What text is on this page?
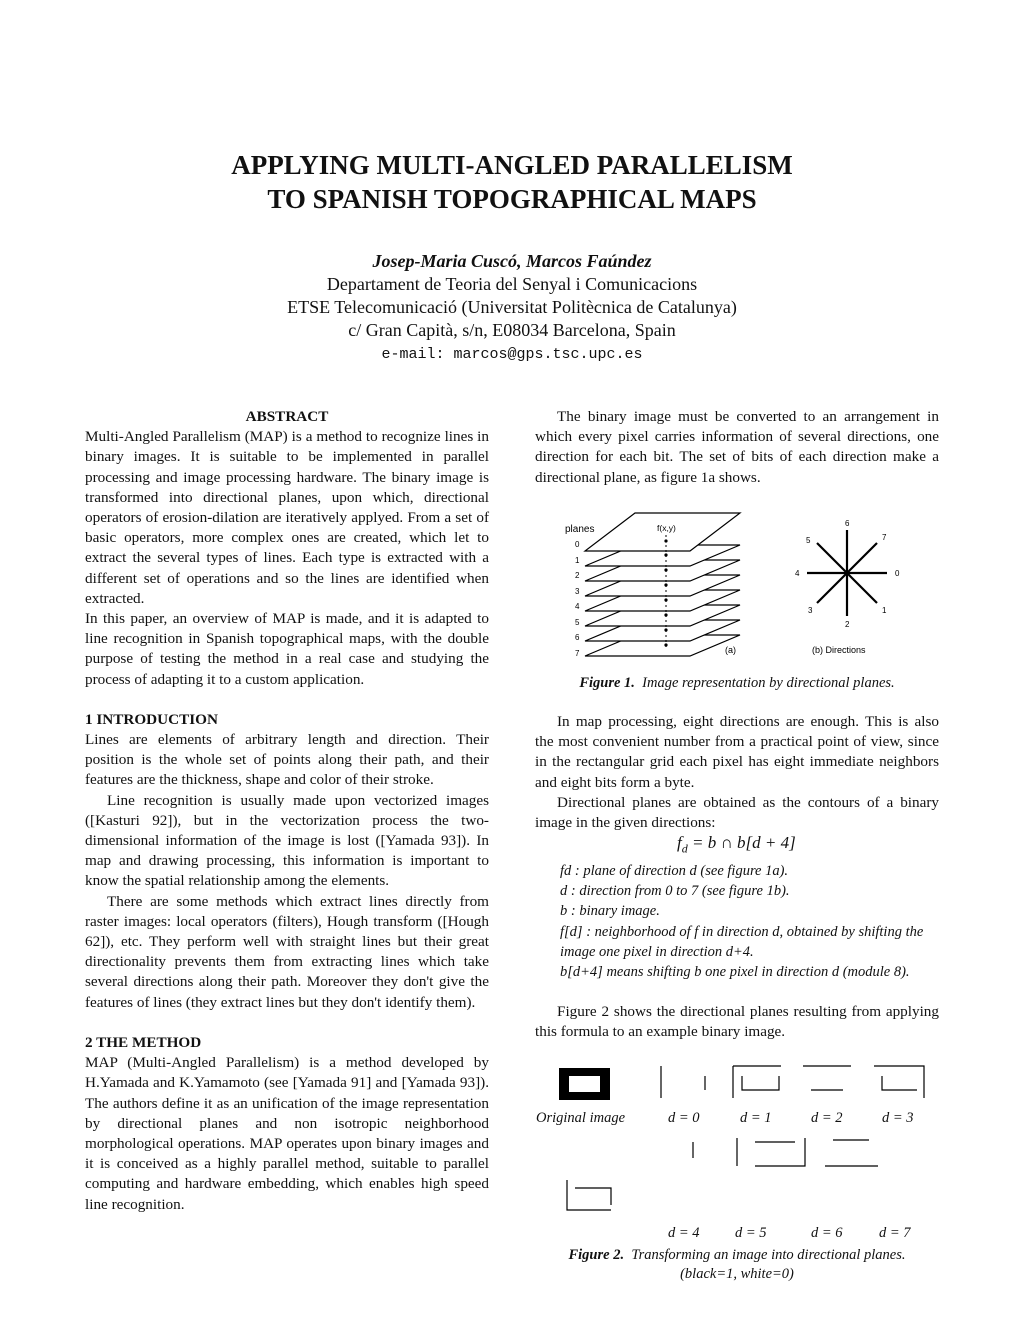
APPLYING MULTI-ANGLED PARALLELISM
TO SPANISH TOPOGRAPHICAL MAPS
Josep-Maria Cuscó, Marcos Faúndez
Departament de Teoria del Senyal i Comunicacions
ETSE Telecomunicació (Universitat Politècnica de Catalunya)
c/ Gran Capità, s/n, E08034 Barcelona, Spain
e-mail: marcos@gps.tsc.upc.es

ABSTRACT

Multi-Angled Parallelism (MAP) is a method to recognize lines in binary images. It is suitable to be implemented in parallel processing and image processing hardware. The binary image is transformed into directional planes, upon which, directional operators of erosion-dilation are iteratively applyed. From a set of basic operators, more complex ones are created, which let to extract the several types of lines. Each type is extracted with a different set of operations and so the lines are identified when extracted.

In this paper, an overview of MAP is made, and it is adapted to line recognition in Spanish topographical maps, with the double purpose of testing the method in a real case and studying the process of adapting it to a custom application.

1 INTRODUCTION

Lines are elements of arbitrary length and direction. Their position is the whole set of points along their path, and their features are the thickness, shape and color of their stroke.

Line recognition is usually made upon vectorized images ([Kasturi 92]), but in the vectorization process the two-dimensional information of the image is lost ([Yamada 93]). In map and drawing processing, this information is important to know the spatial relationship among the elements.

There are some methods which extract lines directly from raster images: local operators (filters), Hough transform ([Hough 62]), etc. They perform well with straight lines but their great directionality prevents them from extracting lines which take several directions along their path. Moreover they don't give the features of lines (they extract lines but they don't identify them).

2 THE METHOD

MAP (Multi-Angled Parallelism) is a method developed by H.Yamada and K.Yamamoto (see [Yamada 91] and [Yamada 93]). The authors define it as an unification of the image representation by directional planes and non isotropic neighborhood morphological operations. MAP operates upon binary images and it is conceived as a highly parallel method, suitable to parallel computing and hardware embedding, which enables high speed line recognition.

The binary image must be converted to an arrangement in which every pixel carries information of several directions, one direction for each bit. The set of bits of each direction make a directional plane, as figure 1a shows.

planes	f(x,y)
0
1
2
3
4
5
6
7	(a)
0
1
2
3
4
5
6
7
(b) Directions
Figure 1. Image representation by directional planes.

In map processing, eight directions are enough. This is also the most convenient number from a practical point of view, since in the rectangular grid each pixel has eight immediate neighbors and eight bits form a byte.

Directional planes are obtained as the contours of a binary image in the given directions:

$f_d = b$ ∩ b[d + 4]

fd : plane of direction d (see figure 1a).

d : direction from 0 to 7 (see figure 1b).

b : binary image.

f[d] : neighborhood of f in direction d, obtained by shifting the image one pixel in direction d+4.

b[d+4] means shifting b one pixel in direction d (module 8).

Figure 2 shows the directional planes resulting from applying this formula to an example binary image.

Original image	d = 0	d = 1	d = 2	d = 3
d = 4 d = 5	d = 6	d = 7
Figure 2. Transforming an image into directional planes.
(black=1, white=0)
